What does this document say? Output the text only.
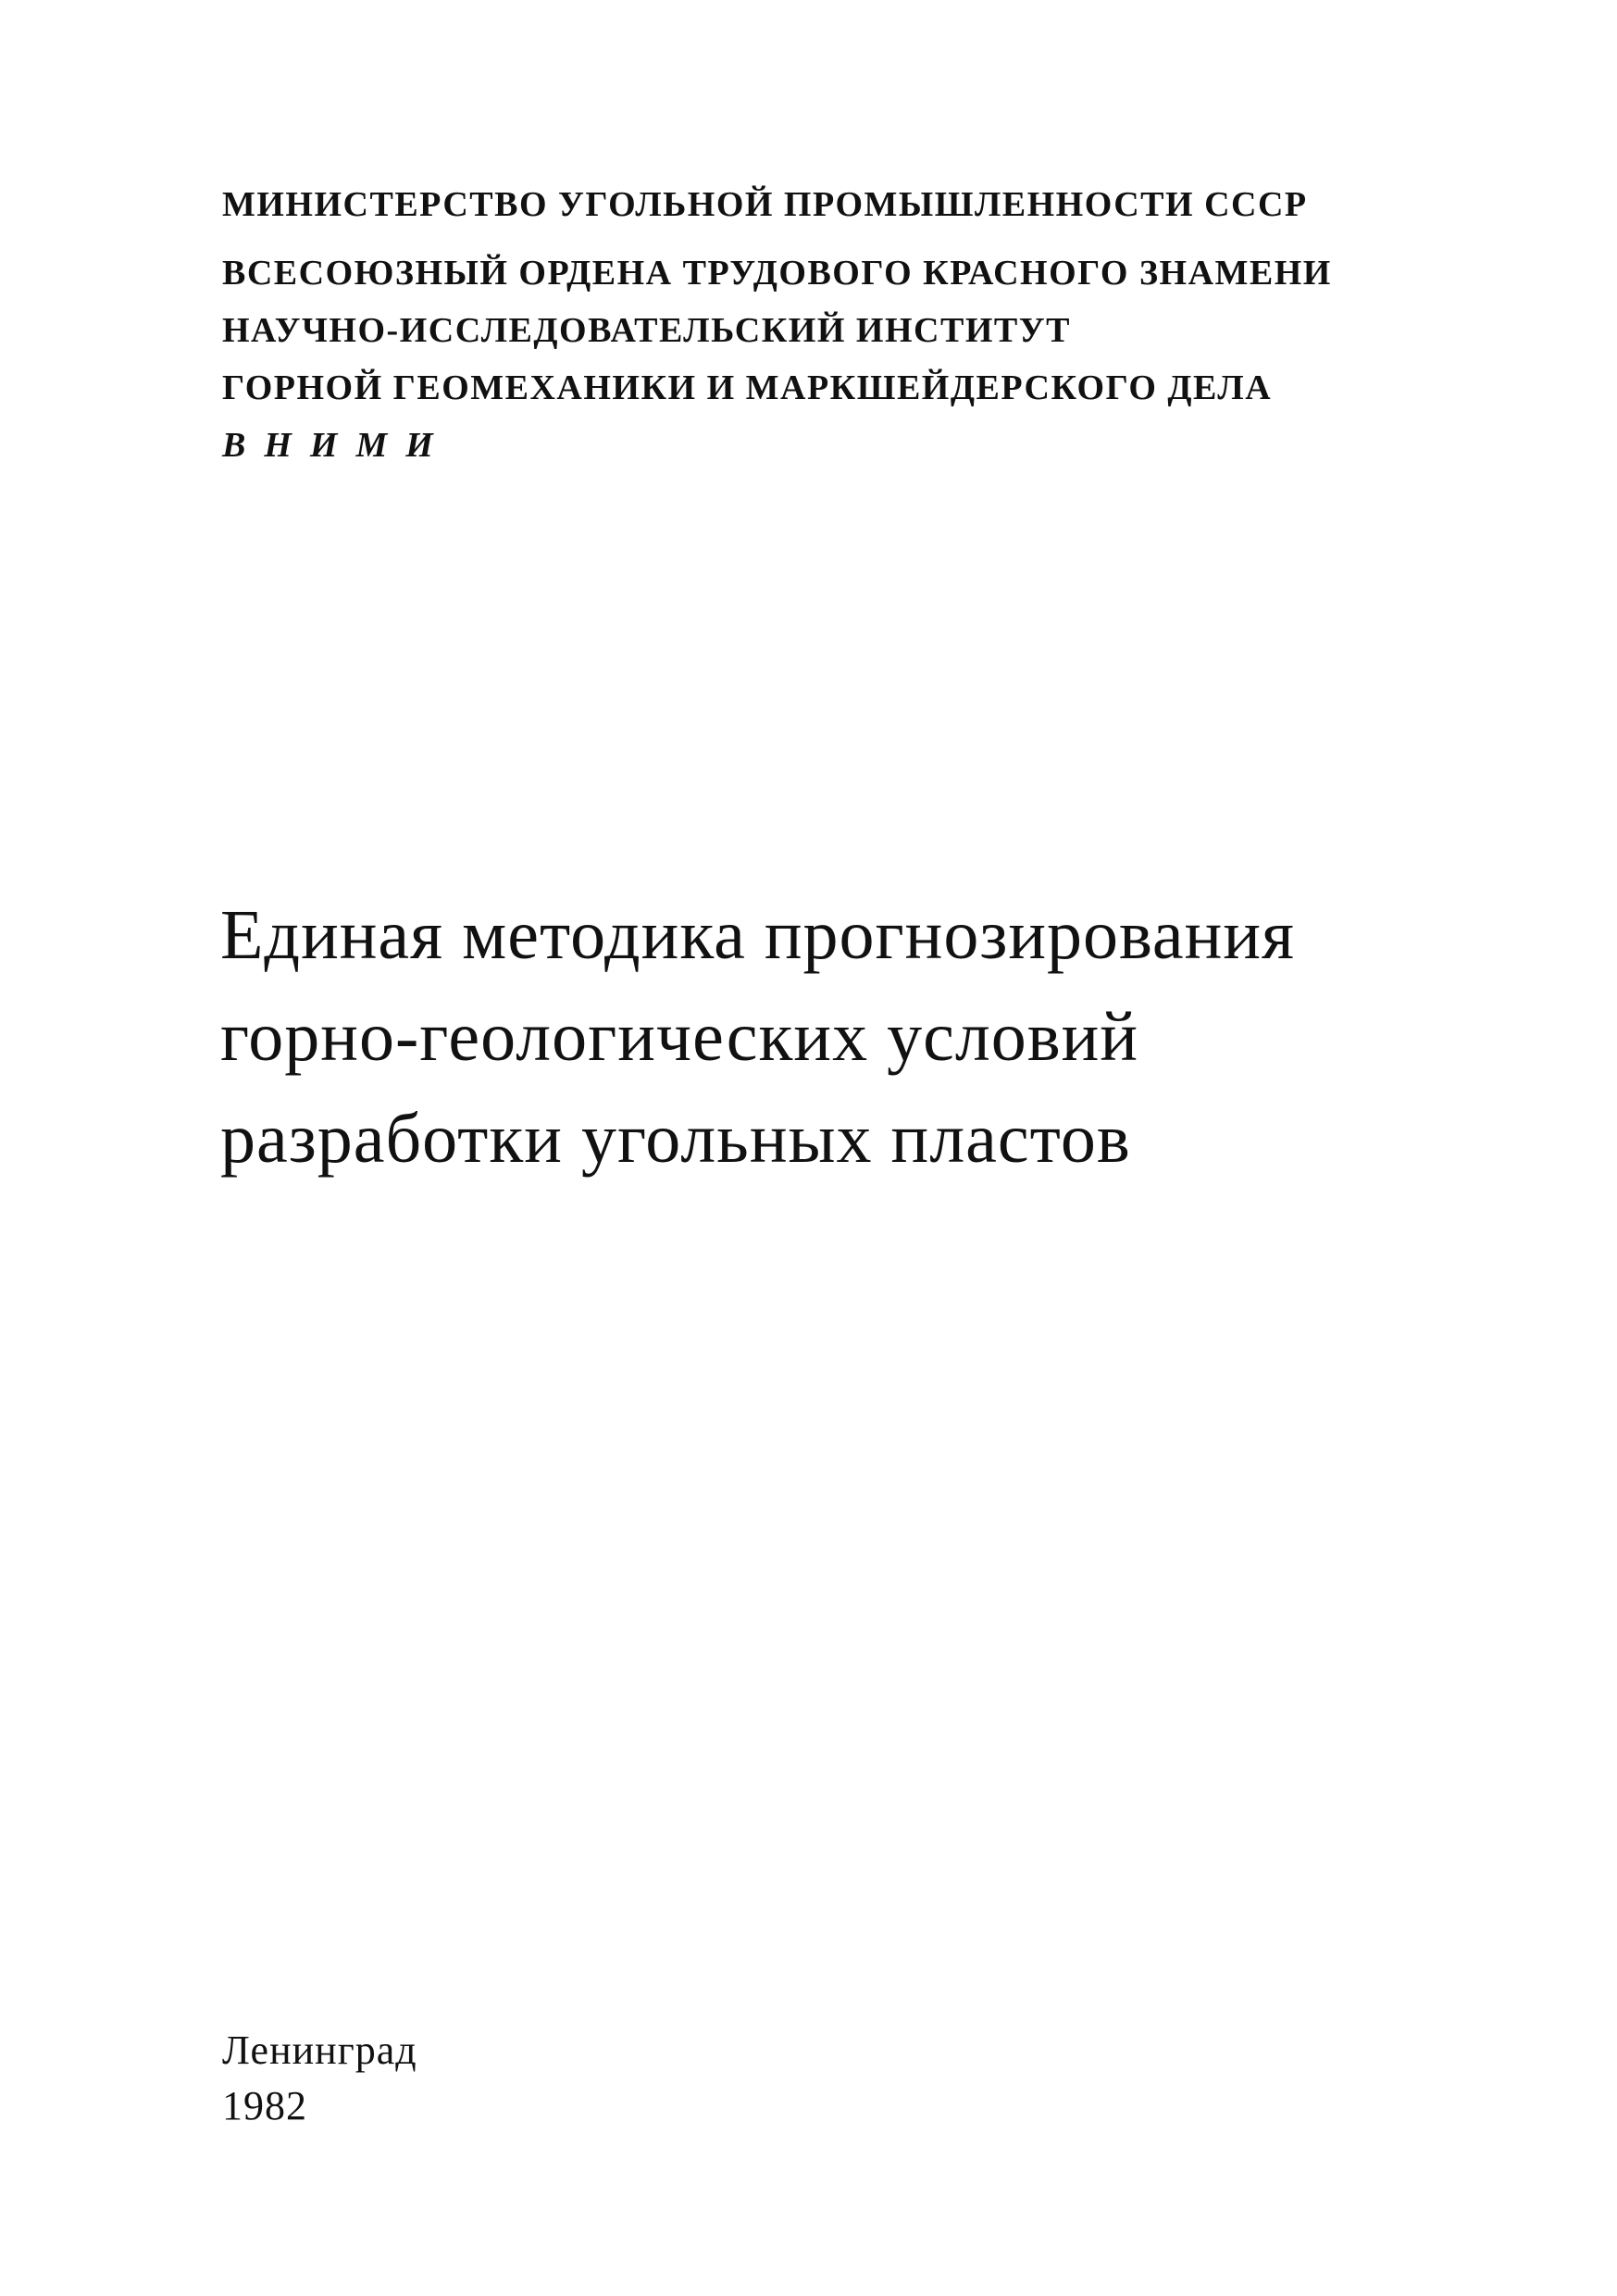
МИНИСТЕРСТВО УГОЛЬНОЙ ПРОМЫШЛЕННОСТИ СССР
ВСЕСОЮЗНЫЙ ОРДЕНА ТРУДОВОГО КРАСНОГО ЗНАМЕНИ
НАУЧНО-ИССЛЕДОВАТЕЛЬСКИЙ ИНСТИТУТ
ГОРНОЙ ГЕОМЕХАНИКИ И МАРКШЕЙДЕРСКОГО ДЕЛА
ВНИМИ
Единая методика прогнозирования
горно-геологических условий
разработки угольных пластов
Ленинград
1982
